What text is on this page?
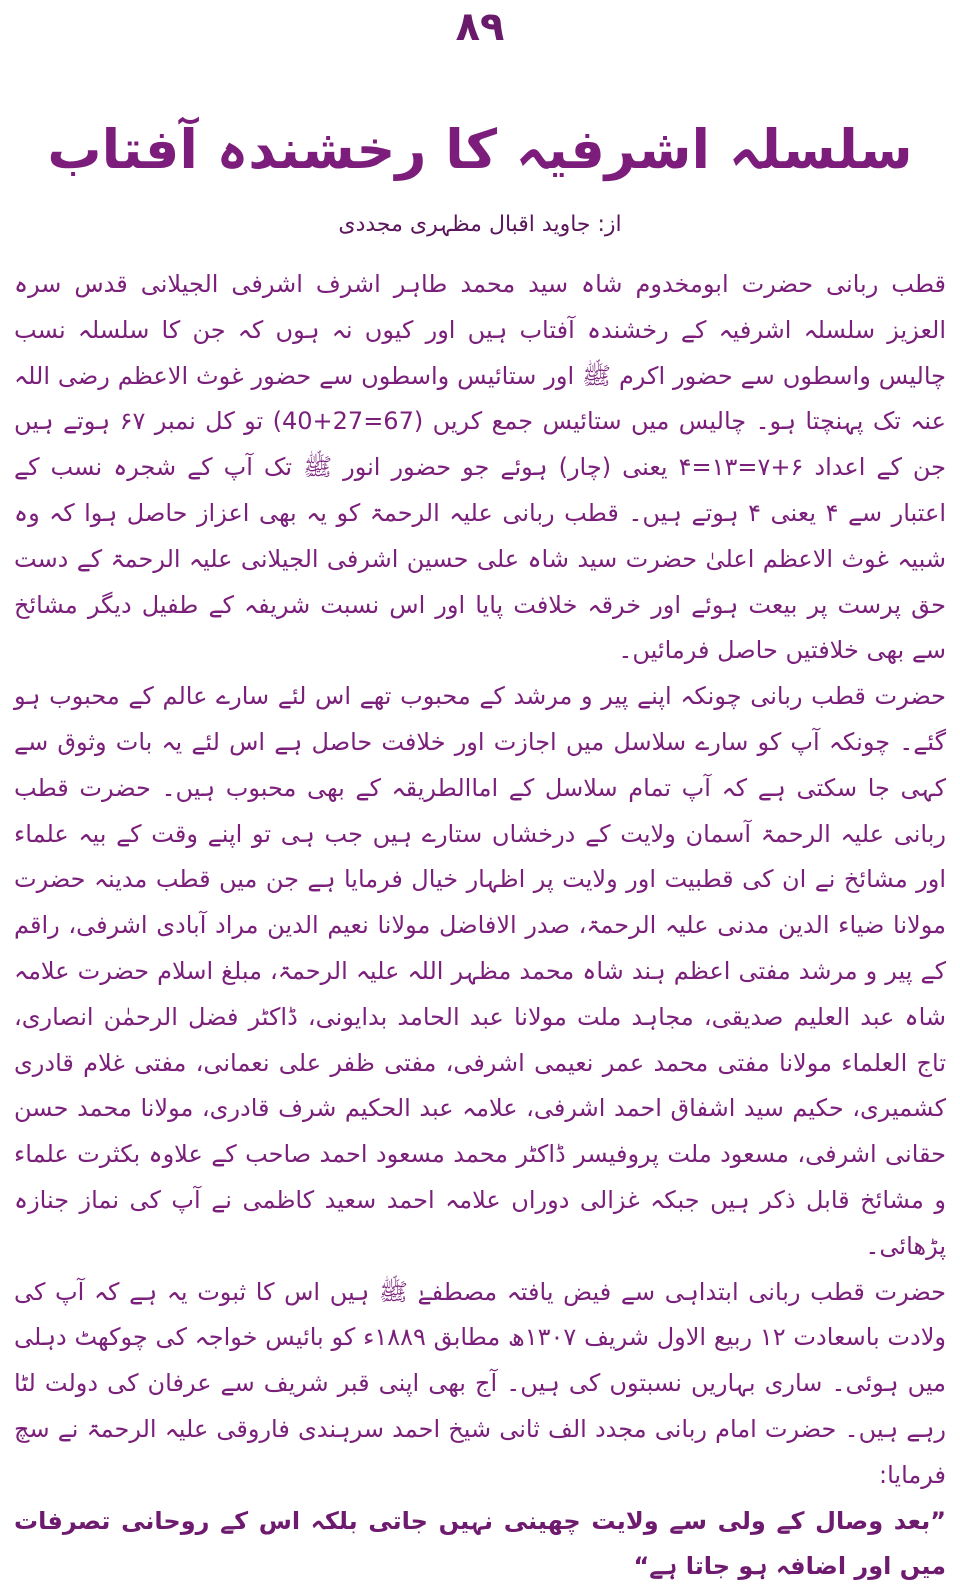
۸۹
سلسلہ اشرفیہ کا رخشندہ آفتاب
از: جاوید اقبال مظہری مجددی

قطب ربانی حضرت ابومخدوم شاہ سید محمد طاہر اشرف اشرفی الجیلانی قدس سرہ العزیز سلسلہ اشرفیہ کے رخشندہ آفتاب ہیں اور کیوں نہ ہوں کہ جن کا سلسلہ نسب چالیس واسطوں سے حضور اکرم ﷺ اور ستائیس واسطوں سے حضور غوث الاعظم رضی اللہ عنہ تک پہنچتا ہو۔ چالیس میں ستائیس جمع کریں (67=27+40) تو کل نمبر ۶۷ ہوتے ہیں جن کے اعداد ۶+۷=۱۳=۴ یعنی (چار) ہوئے جو حضور انور ﷺ تک آپ کے شجرہ نسب کے اعتبار سے ۴ یعنی ۴ ہوتے ہیں۔ قطب ربانی علیہ الرحمۃ کو یہ بھی اعزاز حاصل ہوا کہ وہ شبیہ غوث الاعظم اعلیٰ حضرت سید شاہ علی حسین اشرفی الجیلانی علیہ الرحمۃ کے دست حق پرست پر بیعت ہوئے اور خرقہ خلافت پایا اور اس نسبت شریفہ کے طفیل دیگر مشائخ سے بھی خلافتیں حاصل فرمائیں۔

حضرت قطب ربانی چونکہ اپنے پیر و مرشد کے محبوب تھے اس لئے سارے عالم کے محبوب ہو گئے۔ چونکہ آپ کو سارے سلاسل میں اجازت اور خلافت حاصل ہے اس لئے یہ بات وثوق سے کہی جا سکتی ہے کہ آپ تمام سلاسل کے اماالطریقہ کے بھی محبوب ہیں۔ حضرت قطب ربانی علیہ الرحمۃ آسمان ولایت کے درخشاں ستارے ہیں جب ہی تو اپنے وقت کے بیہ علماء اور مشائخ نے ان کی قطبیت اور ولایت پر اظہار خیال فرمایا ہے جن میں قطب مدینہ حضرت مولانا ضیاء الدین مدنی علیہ الرحمۃ، صدر الافاضل مولانا نعیم الدین مراد آبادی اشرفی، راقم کے پیر و مرشد مفتی اعظم ہند شاہ محمد مظہر اللہ علیہ الرحمۃ، مبلغ اسلام حضرت علامہ شاہ عبد العلیم صدیقی، مجاہد ملت مولانا عبد الحامد بدایونی، ڈاکٹر فضل الرحمٰن انصاری، تاج العلماء مولانا مفتی محمد عمر نعیمی اشرفی، مفتی ظفر علی نعمانی، مفتی غلام قادری کشمیری، حکیم سید اشفاق احمد اشرفی، علامہ عبد الحکیم شرف قادری، مولانا محمد حسن حقانی اشرفی، مسعود ملت پروفیسر ڈاکٹر محمد مسعود احمد صاحب کے علاوہ بکثرت علماء و مشائخ قابل ذکر ہیں جبکہ غزالی دوراں علامہ احمد سعید کاظمی نے آپ کی نماز جنازہ پڑھائی۔

حضرت قطب ربانی ابتداہی سے فیض یافتہ مصطفےٰ ﷺ ہیں اس کا ثبوت یہ ہے کہ آپ کی ولادت باسعادت ۱۲ ربیع الاول شریف ۱۳۰۷ھ مطابق ۱۸۸۹ء کو بائیس خواجہ کی چوکھٹ دہلی میں ہوئی۔ ساری بہاریں نسبتوں کی ہیں۔ آج بھی اپنی قبر شریف سے عرفان کی دولت لٹا رہے ہیں۔ حضرت امام ربانی مجدد الف ثانی شیخ احمد سرہندی فاروقی علیہ الرحمۃ نے سچ فرمایا:

”بعد وصال کے ولی سے ولایت چھینی نہیں جاتی بلکہ اس کے روحانی تصرفات میں اور اضافہ ہو جاتا ہے“
